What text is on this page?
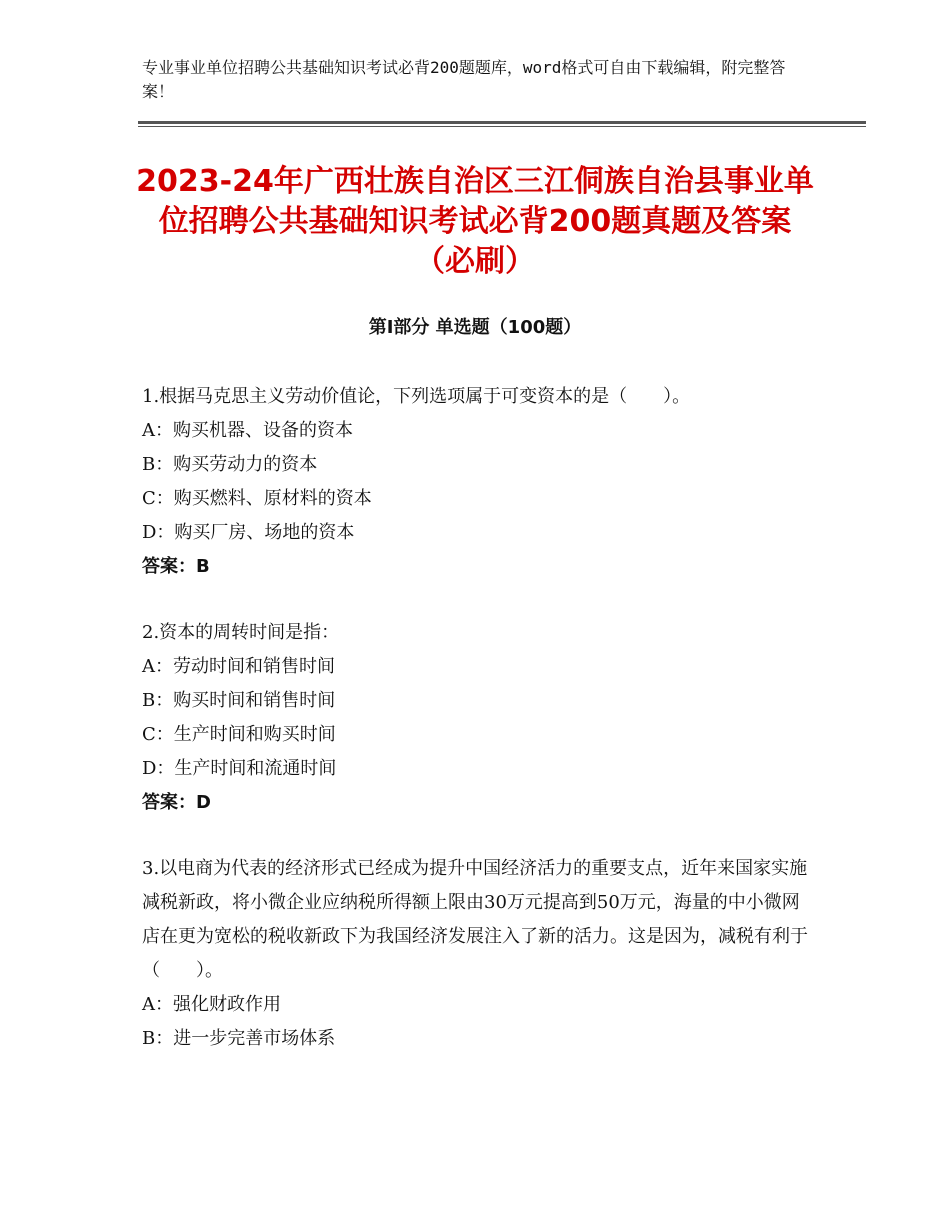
专业事业单位招聘公共基础知识考试必背200题题库，word格式可自由下载编辑，附完整答案！
2023-24年广西壮族自治区三江侗族自治县事业单位招聘公共基础知识考试必背200题真题及答案（必刷）
第Ⅰ部分 单选题（100题）

1.根据马克思主义劳动价值论，下列选项属于可变资本的是（　　）。

A：购买机器、设备的资本

B：购买劳动力的资本

C：购买燃料、原材料的资本

D：购买厂房、场地的资本

答案：B

2.资本的周转时间是指：

A：劳动时间和销售时间

B：购买时间和销售时间

C：生产时间和购买时间

D：生产时间和流通时间

答案：D

3.以电商为代表的经济形式已经成为提升中国经济活力的重要支点，近年来国家实施减税新政，将小微企业应纳税所得额上限由30万元提高到50万元，海量的中小微网店在更为宽松的税收新政下为我国经济发展注入了新的活力。这是因为，减税有利于（　　）。

A：强化财政作用

B：进一步完善市场体系
